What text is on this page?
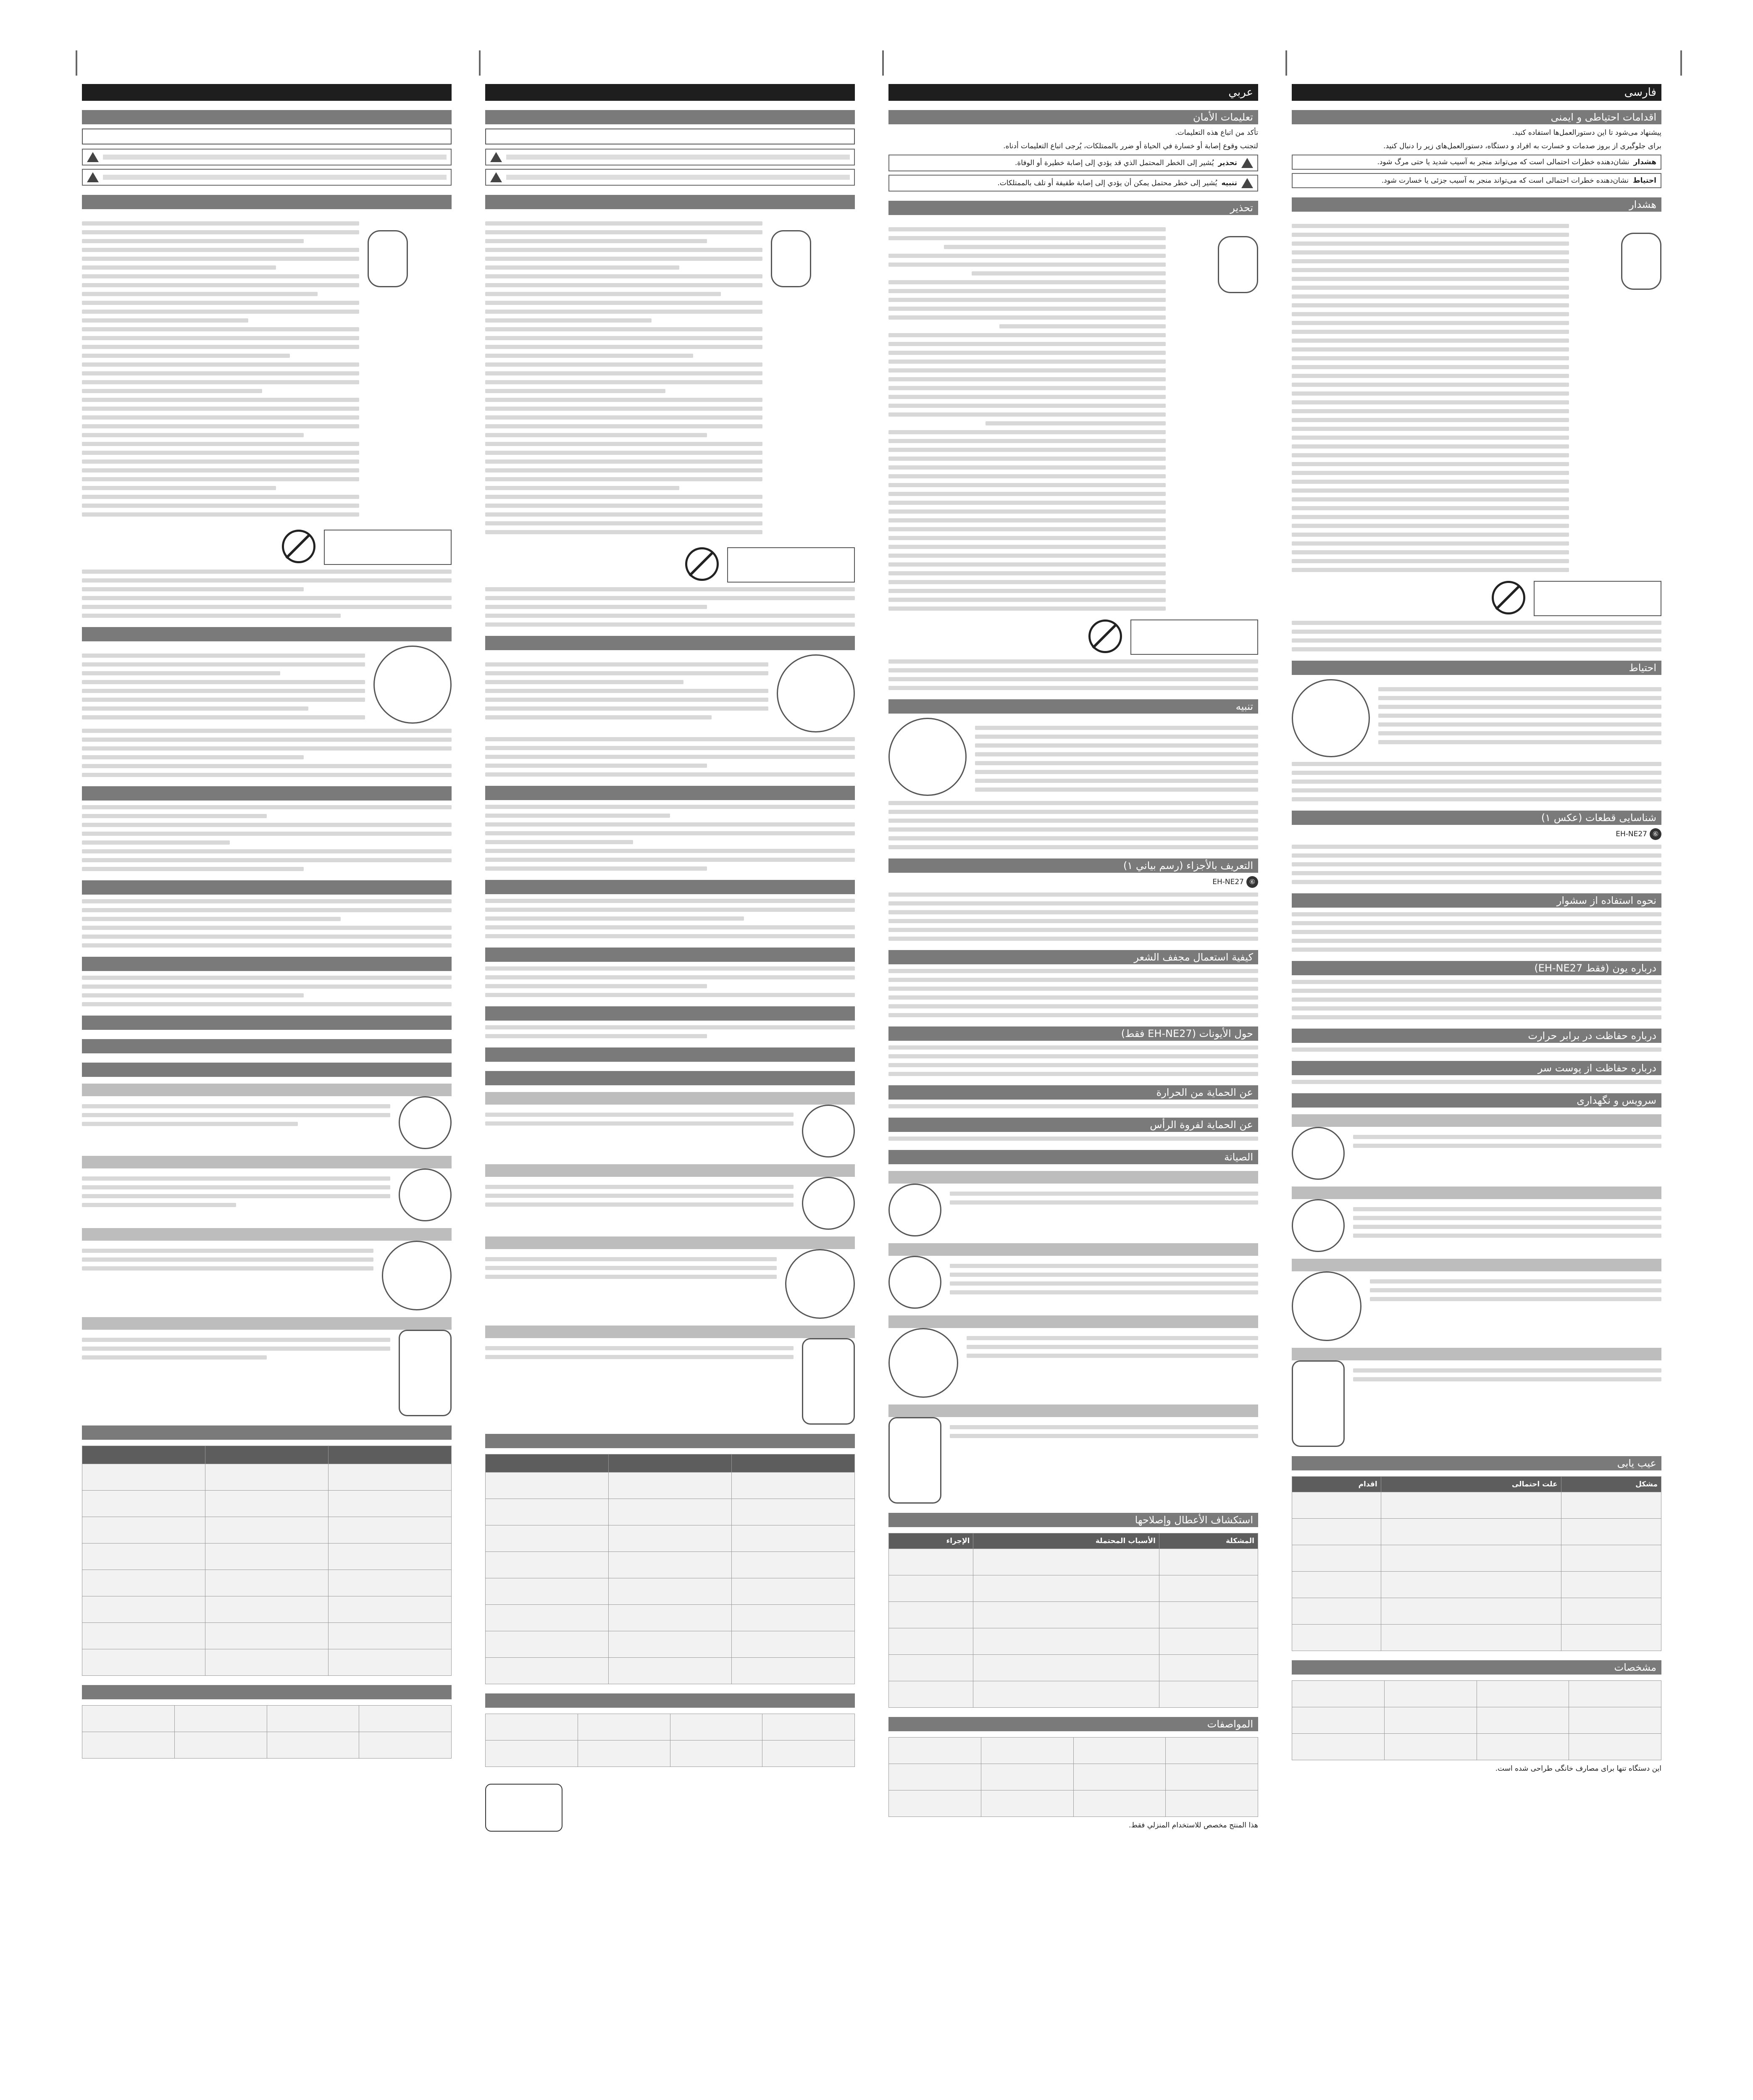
عربي
تعليمات الأمان
تأكد من اتباع هذه التعليمات.
لتجنب وقوع إصابة أو خسارة في الحياة أو ضرر بالممتلكات، يُرجى اتباع التعليمات أدناه.
تحذير
يُشير إلى الخطر المحتمل الذي قد يؤدي إلى إصابة خطيرة أو الوفاة.
تنبيه
يُشير إلى خطر محتمل يمكن أن يؤدي إلى إصابة طفيفة أو تلف بالممتلكات.
تحذير
تنبيه
التعريف بالأجزاء (رسم بياني ١)
⑥EH-NE27
كيفية استعمال مجفف الشعر
حول الأيونات (EH-NE27 فقط)
عن الحماية من الحرارة
عن الحماية لفروة الرأس
الصيانة
استكشاف الأعطال وإصلاحها
المشكلة	الأسباب المحتملة	الإجراء

المواصفات

هذا المنتج مخصص للاستخدام المنزلي فقط.
فارسی
اقدامات احتیاطی و ایمنی
پیشنهاد می‌شود تا این دستورالعمل‌ها استفاده کنید.
برای جلوگیری از بروز صدمات و خسارت به افراد و دستگاه، دستورالعمل‌های زیر را دنبال کنید.
هشدار
نشان‌دهنده خطرات احتمالی است که می‌تواند منجر به آسیب شدید یا حتی مرگ شود.
احتیاط
نشان‌دهنده خطرات احتمالی است که می‌تواند منجر به آسیب جزئی یا خسارت شود.
هشدار
احتیاط
شناسایی قطعات (عکس ۱)
⑥EH-NE27
نحوه استفاده از سشوار
درباره یون (فقط EH-NE27)
درباره حفاظت در برابر حرارت
درباره حفاظت از پوست سر
سرویس و نگهداری
عیب یابی
مشکل	علت احتمالی	اقدام

مشخصات

این دستگاه تنها برای مصارف خانگی طراحی شده است.
